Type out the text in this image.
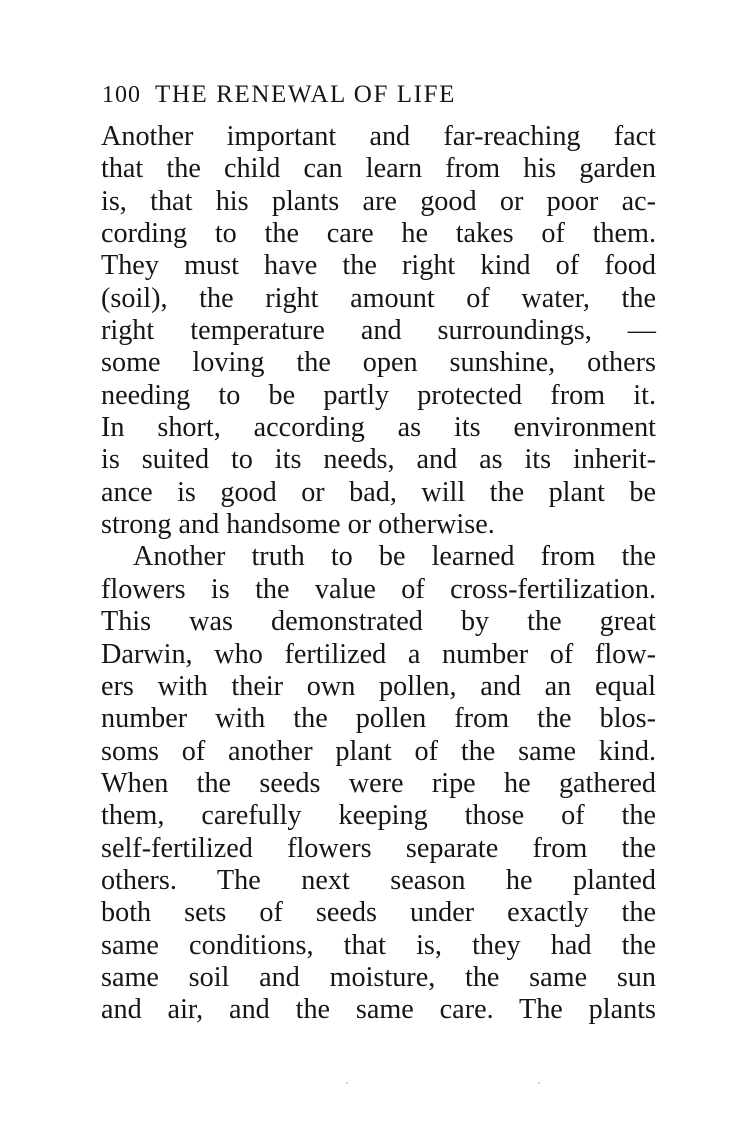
100 THE RENEWAL OF LIFE
Another important and far-reaching fact
that the child can learn from his garden
is, that his plants are good or poor ac-
cording to the care he takes of them.
They must have the right kind of food
(soil), the right amount of water, the
right temperature and surroundings, —
some loving the open sunshine, others
needing to be partly protected from it.
In short, according as its environment
is suited to its needs, and as its inherit-
ance is good or bad, will the plant be
strong and handsome or otherwise.
Another truth to be learned from the
flowers is the value of cross-fertilization.
This was demonstrated by the great
Darwin, who fertilized a number of flow-
ers with their own pollen, and an equal
number with the pollen from the blos-
soms of another plant of the same kind.
When the seeds were ripe he gathered
them, carefully keeping those of the
self-fertilized flowers separate from the
others. The next season he planted
both sets of seeds under exactly the
same conditions, that is, they had the
same soil and moisture, the same sun
and air, and the same care. The plants
